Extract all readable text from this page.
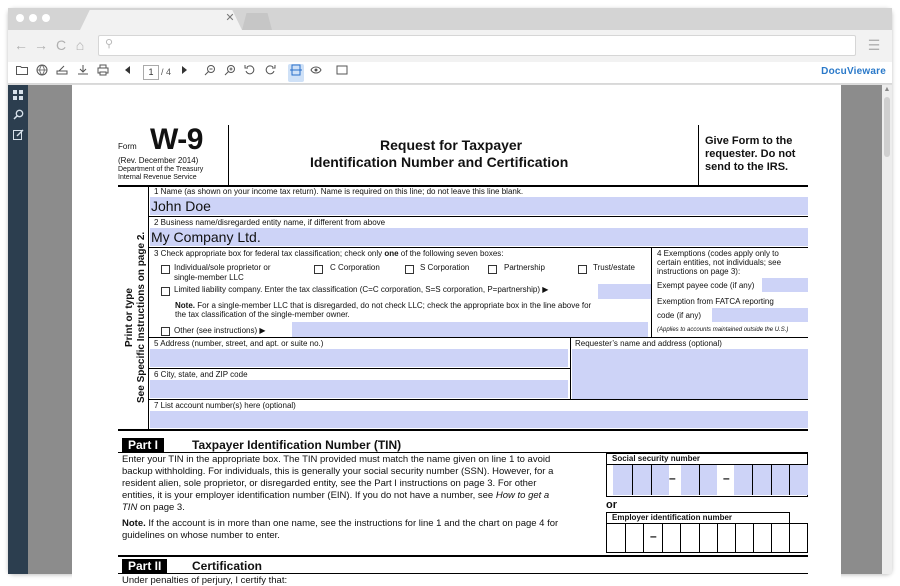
✕
← → C ⌂	⚲	☰
1 / 4	DocuVieware
Form W-9
(Rev. December 2014)
Department of the Treasury
Internal Revenue Service
Request for Taxpayer
Identification Number and Certification
Give Form to the
requester. Do not
send to the IRS.
Print or type See Specific Instructions on page 2.
1 Name (as shown on your income tax return). Name is required on this line; do not leave this line blank.
John Doe
2 Business name/disregarded entity name, if different from above
My Company Ltd.
3 Check appropriate box for federal tax classification; check only one of the following seven boxes:
Individual/sole proprietor or
single-member LLC
C Corporation	S Corporation	Partnership	Trust/estate
Limited liability company. Enter the tax classification (C=C corporation, S=S corporation, P=partnership) ▶
Note. For a single-member LLC that is disregarded, do not check LLC; check the appropriate box in the line above for
the tax classification of the single-member owner.
Other (see instructions) ▶
4 Exemptions (codes apply only to
certain entities, not individuals; see
instructions on page 3):
Exempt payee code (if any)
Exemption from FATCA reporting
code (if any)
(Applies to accounts maintained outside the U.S.)
5 Address (number, street, and apt. or suite no.)	Requester’s name and address (optional)
6 City, state, and ZIP code
7 List account number(s) here (optional)
Part I	Taxpayer Identification Number (TIN)
Enter your TIN in the appropriate box. The TIN provided must match the name given on line 1 to avoid
backup withholding. For individuals, this is generally your social security number (SSN). However, for a
resident alien, sole proprietor, or disregarded entity, see the Part I instructions on page 3. For other
entities, it is your employer identification number (EIN). If you do not have a number, see How to get a
TIN on page 3.
Note. If the account is in more than one name, see the instructions for line 1 and the chart on page 4 for
guidelines on whose number to enter.
Social security number
–	–
or
Employer identification number
–
Part II	Certification
Under penalties of perjury, I certify that:
▲
